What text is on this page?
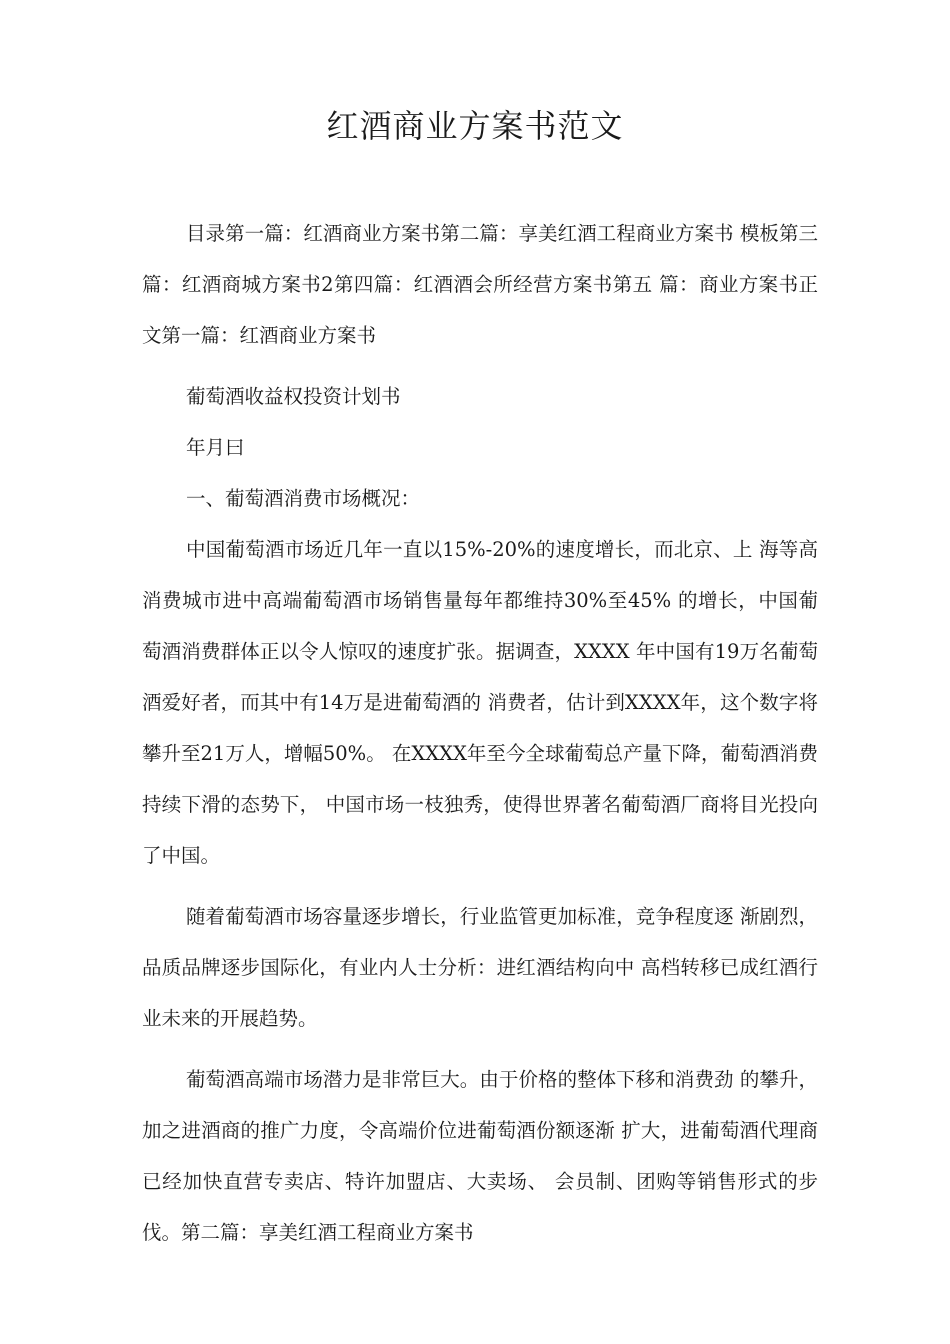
红酒商业方案书范文

目录第一篇：红酒商业方案书第二篇：享美红酒工程商业方案书 模板第三篇：红酒商城方案书2第四篇：红酒酒会所经营方案书第五 篇：商业方案书正文第一篇：红酒商业方案书

葡萄酒收益权投资计划书

年月曰

一、葡萄酒消费市场概况：

中国葡萄酒市场近几年一直以15%-20%的速度增长，而北京、上 海等高消费城市进中高端葡萄酒市场销售量每年都维持30%至45% 的增长，中国葡萄酒消费群体正以令人惊叹的速度扩张。据调查，XXXX 年中国有19万名葡萄酒爱好者，而其中有14万是进葡萄酒的 消费者，估计到XXXX年，这个数字将攀升至21万人，增幅50%。 在XXXX年至今全球葡萄总产量下降，葡萄酒消费持续下滑的态势下， 中国市场一枝独秀，使得世界著名葡萄酒厂商将目光投向了中国。

随着葡萄酒市场容量逐步增长，行业监管更加标准，竞争程度逐 渐剧烈，品质品牌逐步国际化，有业内人士分析：进红酒结构向中 高档转移已成红酒行业未来的开展趋势。

葡萄酒高端市场潜力是非常巨大。由于价格的整体下移和消费劲 的攀升，加之进酒商的推广力度，令高端价位进葡萄酒份额逐渐 扩大，进葡萄酒代理商已经加快直营专卖店、特许加盟店、大卖场、 会员制、团购等销售形式的步伐。第二篇：享美红酒工程商业方案书
